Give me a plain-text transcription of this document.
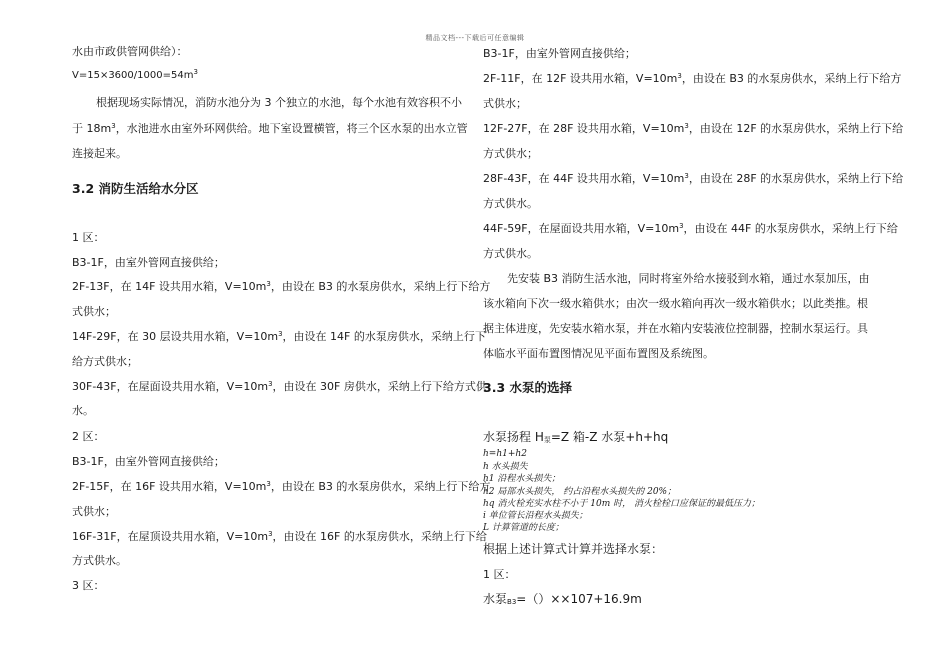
精品文档---下载后可任意编辑
水由市政供管网供给）：
$V=15\times 3600/1000=54m^3$
根据现场实际情况，消防水池分为 3 个独立的水池，每个水池有效容积不小
于 $18m^3$，水池进水由室外环网供给。地下室设置横管，将三个区水泵的出水立管
连接起来。
3.2 消防生活给水分区
1 区：
B3-1F，由室外管网直接供给；
2F-13F，在 14F 设共用水箱，$V=10m^3$，由设在 B3 的水泵房供水，采纳上行下给方
式供水；
14F-29F，在 30 层设共用水箱，$V=10m^3$，由设在 14F 的水泵房供水，采纳上行下
给方式供水；
30F-43F，在屋面设共用水箱，$V=10m^3$，由设在 30F 房供水，采纳上行下给方式供
水。
2 区：
B3-1F，由室外管网直接供给；
2F-15F，在 16F 设共用水箱，$V=10m^3$，由设在 B3 的水泵房供水，采纳上行下给方
式供水；
16F-31F，在屋顶设共用水箱，$V=10m^3$，由设在 16F 的水泵房供水，采纳上行下给
方式供水。
3 区：
B3-1F，由室外管网直接供给；
2F-11F，在 12F 设共用水箱，$V=10m^3$，由设在 B3 的水泵房供水，采纳上行下给方
式供水；
12F-27F，在 28F 设共用水箱，$V=10m^3$，由设在 12F 的水泵房供水，采纳上行下给
方式供水；
28F-43F，在 44F 设共用水箱，$V=10m^3$，由设在 28F 的水泵房供水，采纳上行下给
方式供水。
44F-59F，在屋面设共用水箱，$V=10m^3$，由设在 44F 的水泵房供水，采纳上行下给
方式供水。
先安装 B3 消防生活水池，同时将室外给水接驳到水箱，通过水泵加压，由
该水箱向下次一级水箱供水；由次一级水箱向再次一级水箱供水；以此类推。根
据主体进度，先安装水箱水泵，并在水箱内安装液位控制器，控制水泵运行。具
体临水平面布置图情况见平面布置图及系统图。
3.3 水泵的选择
水泵扬程 $H_泵=Z$ 箱-Z 水泵+h+hq
h=h1+h2
h 水头损失
h1 沿程水头损失；
h2 局部水头损失， 约占沿程水头损失的 20%；
hq 消火栓充实水柱不小于 10m 时， 消火栓栓口应保证的最低压力；
i 单位管长沿程水头损失；
L 计算管道的长度；
根据上述计算式计算并选择水泵：
1 区：
水泵$_{B3}$=（）××107+16.9m
